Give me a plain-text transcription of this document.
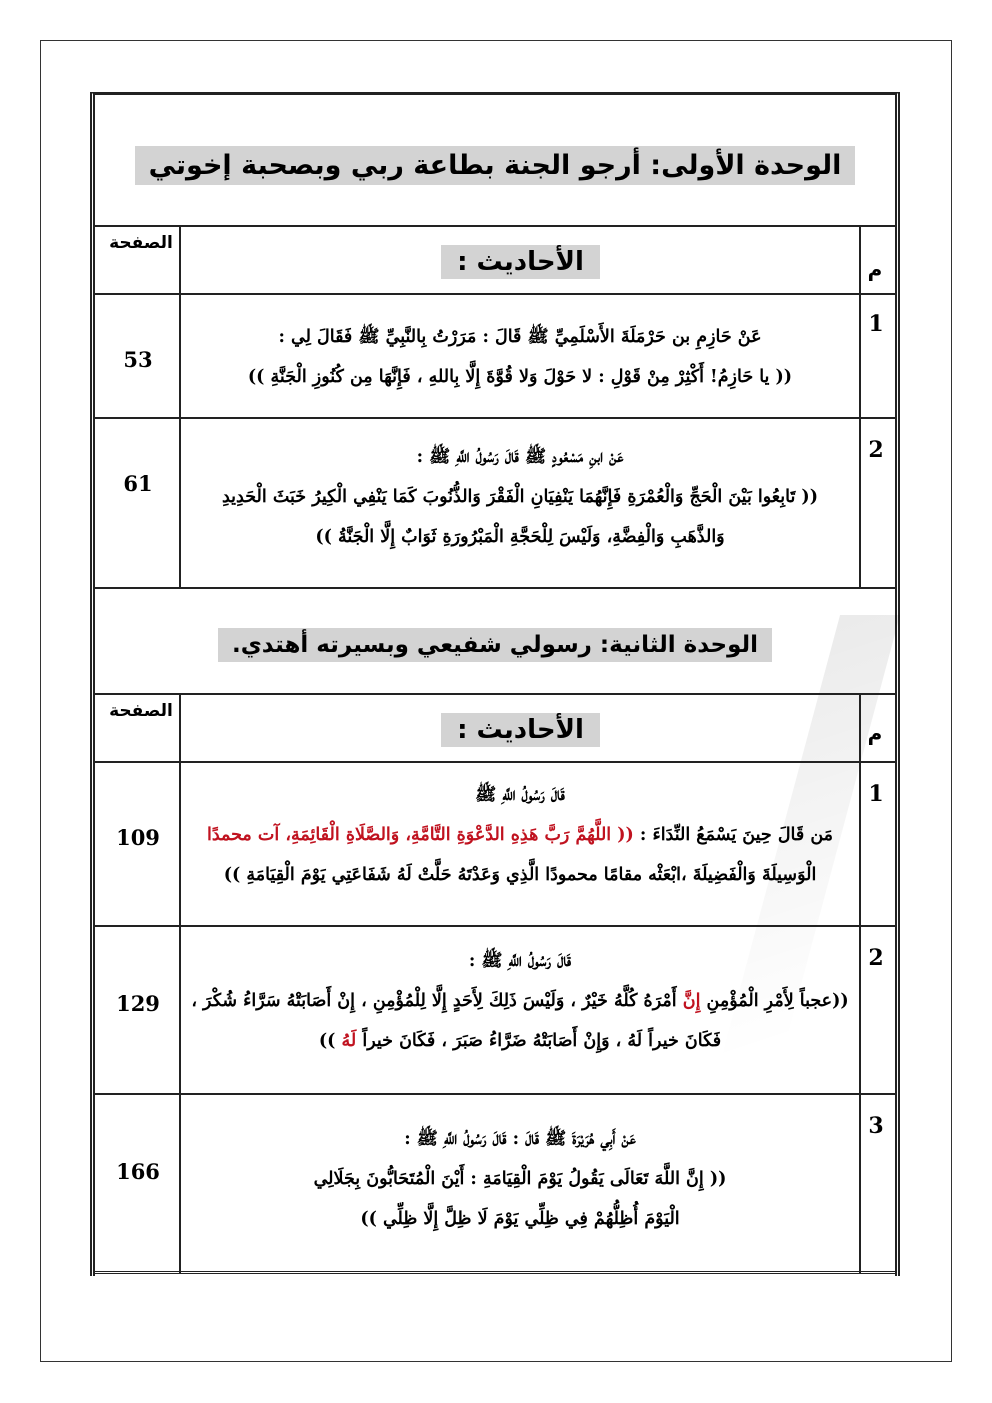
الوحدة الأولى: أرجو الجنة بطاعة ربي وبصحبة إخوتي
الصفحة
الأحاديث :	م
1
53
عَنْ حَازِمِ بن حَرْمَلَةَ الأَسْلَمِيِّ ﷺ قَالَ : مَرَرْتُ بِالنَّبِيِّ ﷺ فَقَالَ لِي :
(( يا حَازِمُ! أَكْثِرْ مِنْ قَوْلِ : لا حَوْلَ وَلا قُوَّةَ إِلَّا بِاللهِ ، فَإِنَّهَا مِن كُنُوزِ الْجَنَّةِ ))
2
61
عَنْ ابنِ مَسْعُودٍ ﷺ قَالَ رَسُولُ اللَّهِ ﷺ :
(( تَابِعُوا بَيْنَ الْحَجِّ وَالْعُمْرَةِ فَإِنَّهُمَا يَنْفِيَانِ الْفَقْرَ وَالذُّنُوبَ كَمَا يَنْفِي الْكِيرُ خَبَثَ الْحَدِيدِ
وَالذَّهَبِ وَالْفِضَّةِ، وَلَيْسَ لِلْحَجَّةِ الْمَبْرُورَةِ ثَوَابٌ إِلَّا الْجَنَّةُ ))
الوحدة الثانية: رسولي شفيعي وبسيرته أهتدي.
الصفحة
الأحاديث :	م
1
109
قَالَ رَسُولُ اللَّهِ ﷺ
مَن قَالَ حِينَ يَسْمَعُ النِّدَاءَ : (( اللَّهُمَّ رَبَّ هَذِهِ الدَّعْوَةِ التَّامَّةِ، وَالصَّلَاةِ الْقَائِمَةِ، آت محمدًا
الْوَسِيلَةَ وَالْفَضِيلَةَ ،ابْعَثْه مقامًا محمودًا الَّذِي وَعَدْتَهُ حَلَّتْ لَهُ شَفَاعَتِي يَوْمَ الْقِيَامَةِ ))
2
129
قَالَ رَسُولُ اللَّهِ ﷺ :
((عجباً لِأَمْرِ الْمُؤْمِنِ إِنَّ أَمْرَهُ كُلَّهُ خَيْرٌ ، وَلَيْسَ ذَلِكَ لِأَحَدٍ إِلَّا لِلْمُؤْمِنِ ، إِنْ أَصَابَتْهُ سَرَّاءُ شُكْرَ ،
فَكَانَ خيراً لَهُ ، وَإِنْ أَصَابَتْهُ ضَرَّاءُ صَبَرَ ، فَكَانَ خيراً لَهُ ))
3
166
عَنْ أَبِي هُرَيْرَةَ ﷺ قَالَ : قَالَ رَسُولُ اللَّهِ ﷺ :
(( إِنَّ اللَّهَ تَعَالَى يَقُولُ يَوْمَ الْقِيَامَةِ : أَيْنَ الْمُتَحَابُّونَ بِجَلَالِي
الْيَوْمَ أُظِلُّهُمْ فِي ظِلِّي يَوْمَ لَا ظِلَّ إِلَّا ظِلِّي ))
